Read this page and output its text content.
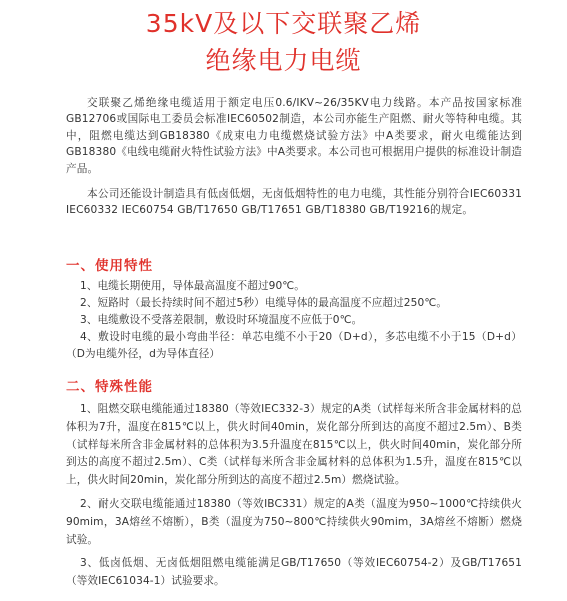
35kV及以下交联聚乙烯
绝缘电力电缆

交联聚乙烯绝缘电缆适用于额定电压0.6/IKV~26/35KV电力线路。本产品按国家标准GB12706或国际电工委员会标准IEC60502制造，本公司亦能生产阻燃、耐火等特种电缆。其中，阻燃电缆达到GB18380《成束电力电缆燃烧试验方法》中A类要求，耐火电缆能达到GB18380《电线电缆耐火特性试验方法》中A类要求。本公司也可根据用户提供的标准设计制造产品。

本公司还能设计制造具有低卤低烟，无卤低烟特性的电力电缆，其性能分别符合IEC60331 IEC60332 IEC60754 GB/T17650 GB/T17651 GB/T18380 GB/T19216的规定。

一、使用特性
1、电缆长期使用，导体最高温度不超过90℃。
2、短路时（最长持续时间不超过5秒）电缆导体的最高温度不应超过250℃。
3、电缆敷设不受落差限制，敷设时环境温度不应低于0℃。
4、敷设时电缆的最小弯曲半径：单芯电缆不小于20（D+d），多芯电缆不小于15（D+d）（D为电缆外径，d为导体直径）
二、特殊性能
1、阻燃交联电缆能通过18380（等效IEC332-3）规定的A类（试样每米所含非金属材料的总体积为7升，温度在815℃以上，供火时间40min，炭化部分所到达的高度不超过2.5m）、B类（试样每米所含非金属材料的总体积为3.5升温度在815℃以上，供火时间40min，炭化部分所到达的高度不超过2.5m）、C类（试样每米所含非金属材料的总体积为1.5升，温度在815℃以上，供火时间20min，炭化部分所到达的高度不超过2.5m）燃烧试验。
2、耐火交联电缆能通过18380（等效IBC331）规定的A类（温度为950~1000℃持续供火90mim，3A熔丝不熔断），B类（温度为750~800℃持续供火90mim，3A熔丝不熔断）燃烧试验。
3、低卤低烟、无卤低烟阻燃电缆能满足GB/T17650（等效IEC60754-2）及GB/T17651（等效IEC61034-1）试验要求。
